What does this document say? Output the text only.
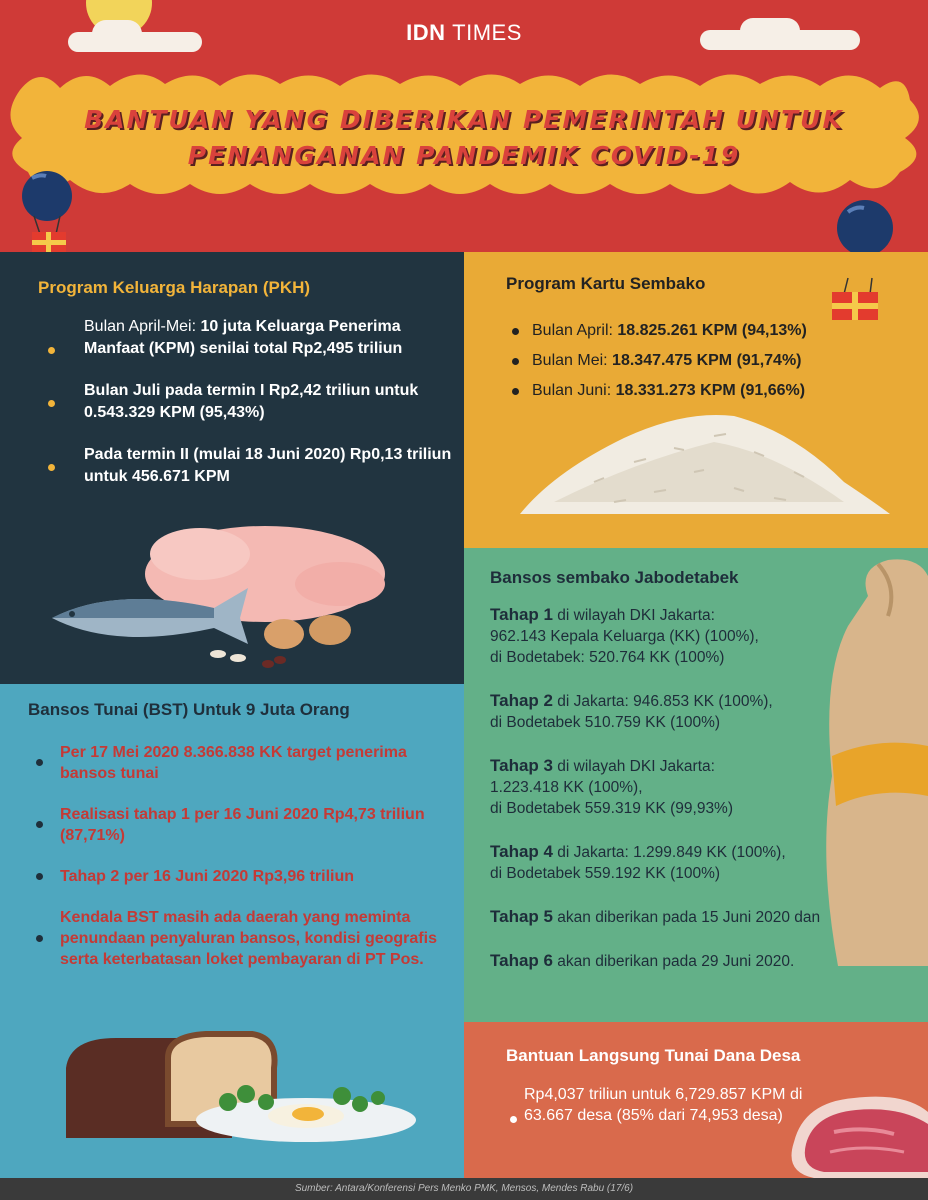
IDN TIMES
BANTUAN YANG DIBERIKAN PEMERINTAH UNTUK
PENANGANAN PANDEMIK COVID-19
Program Keluarga Harapan (PKH)
Bulan April-Mei: 10 juta Keluarga Penerima Manfaat (KPM) senilai total Rp2,495 triliun
Bulan Juli pada termin I Rp2,42 triliun untuk 0.543.329 KPM (95,43%)
Pada termin II (mulai 18 Juni 2020) Rp0,13 triliun untuk 456.671 KPM
Program Kartu Sembako
Bulan April: 18.825.261 KPM (94,13%)
Bulan Mei: 18.347.475 KPM (91,74%)
Bulan Juni: 18.331.273 KPM (91,66%)
Bansos sembako Jabodetabek

Tahap 1 di wilayah DKI Jakarta:
962.143 Kepala Keluarga (KK) (100%),
di Bodetabek: 520.764 KK (100%)

Tahap 2 di Jakarta: 946.853 KK (100%),
di Bodetabek 510.759 KK (100%)

Tahap 3 di wilayah DKI Jakarta:
1.223.418 KK (100%),
di Bodetabek 559.319 KK (99,93%)

Tahap 4 di Jakarta: 1.299.849 KK (100%),
di Bodetabek 559.192 KK (100%)

Tahap 5 akan diberikan pada 15 Juni 2020 dan

Tahap 6 akan diberikan pada 29 Juni 2020.

Bansos Tunai (BST) Untuk 9 Juta Orang
Per 17 Mei 2020 8.366.838 KK target penerima bansos tunai
Realisasi tahap 1 per 16 Juni 2020 Rp4,73 triliun (87,71%)
Tahap 2 per 16 Juni 2020 Rp3,96 triliun
Kendala BST masih ada daerah yang meminta penundaan penyaluran bansos, kondisi geografis serta keterbatasan loket pembayaran di PT Pos.
Bantuan Langsung Tunai Dana Desa
Rp4,037 triliun untuk 6,729.857 KPM di 63.667 desa (85% dari 74,953 desa)
Sumber: Antara/Konferensi Pers Menko PMK, Mensos, Mendes Rabu (17/6)
